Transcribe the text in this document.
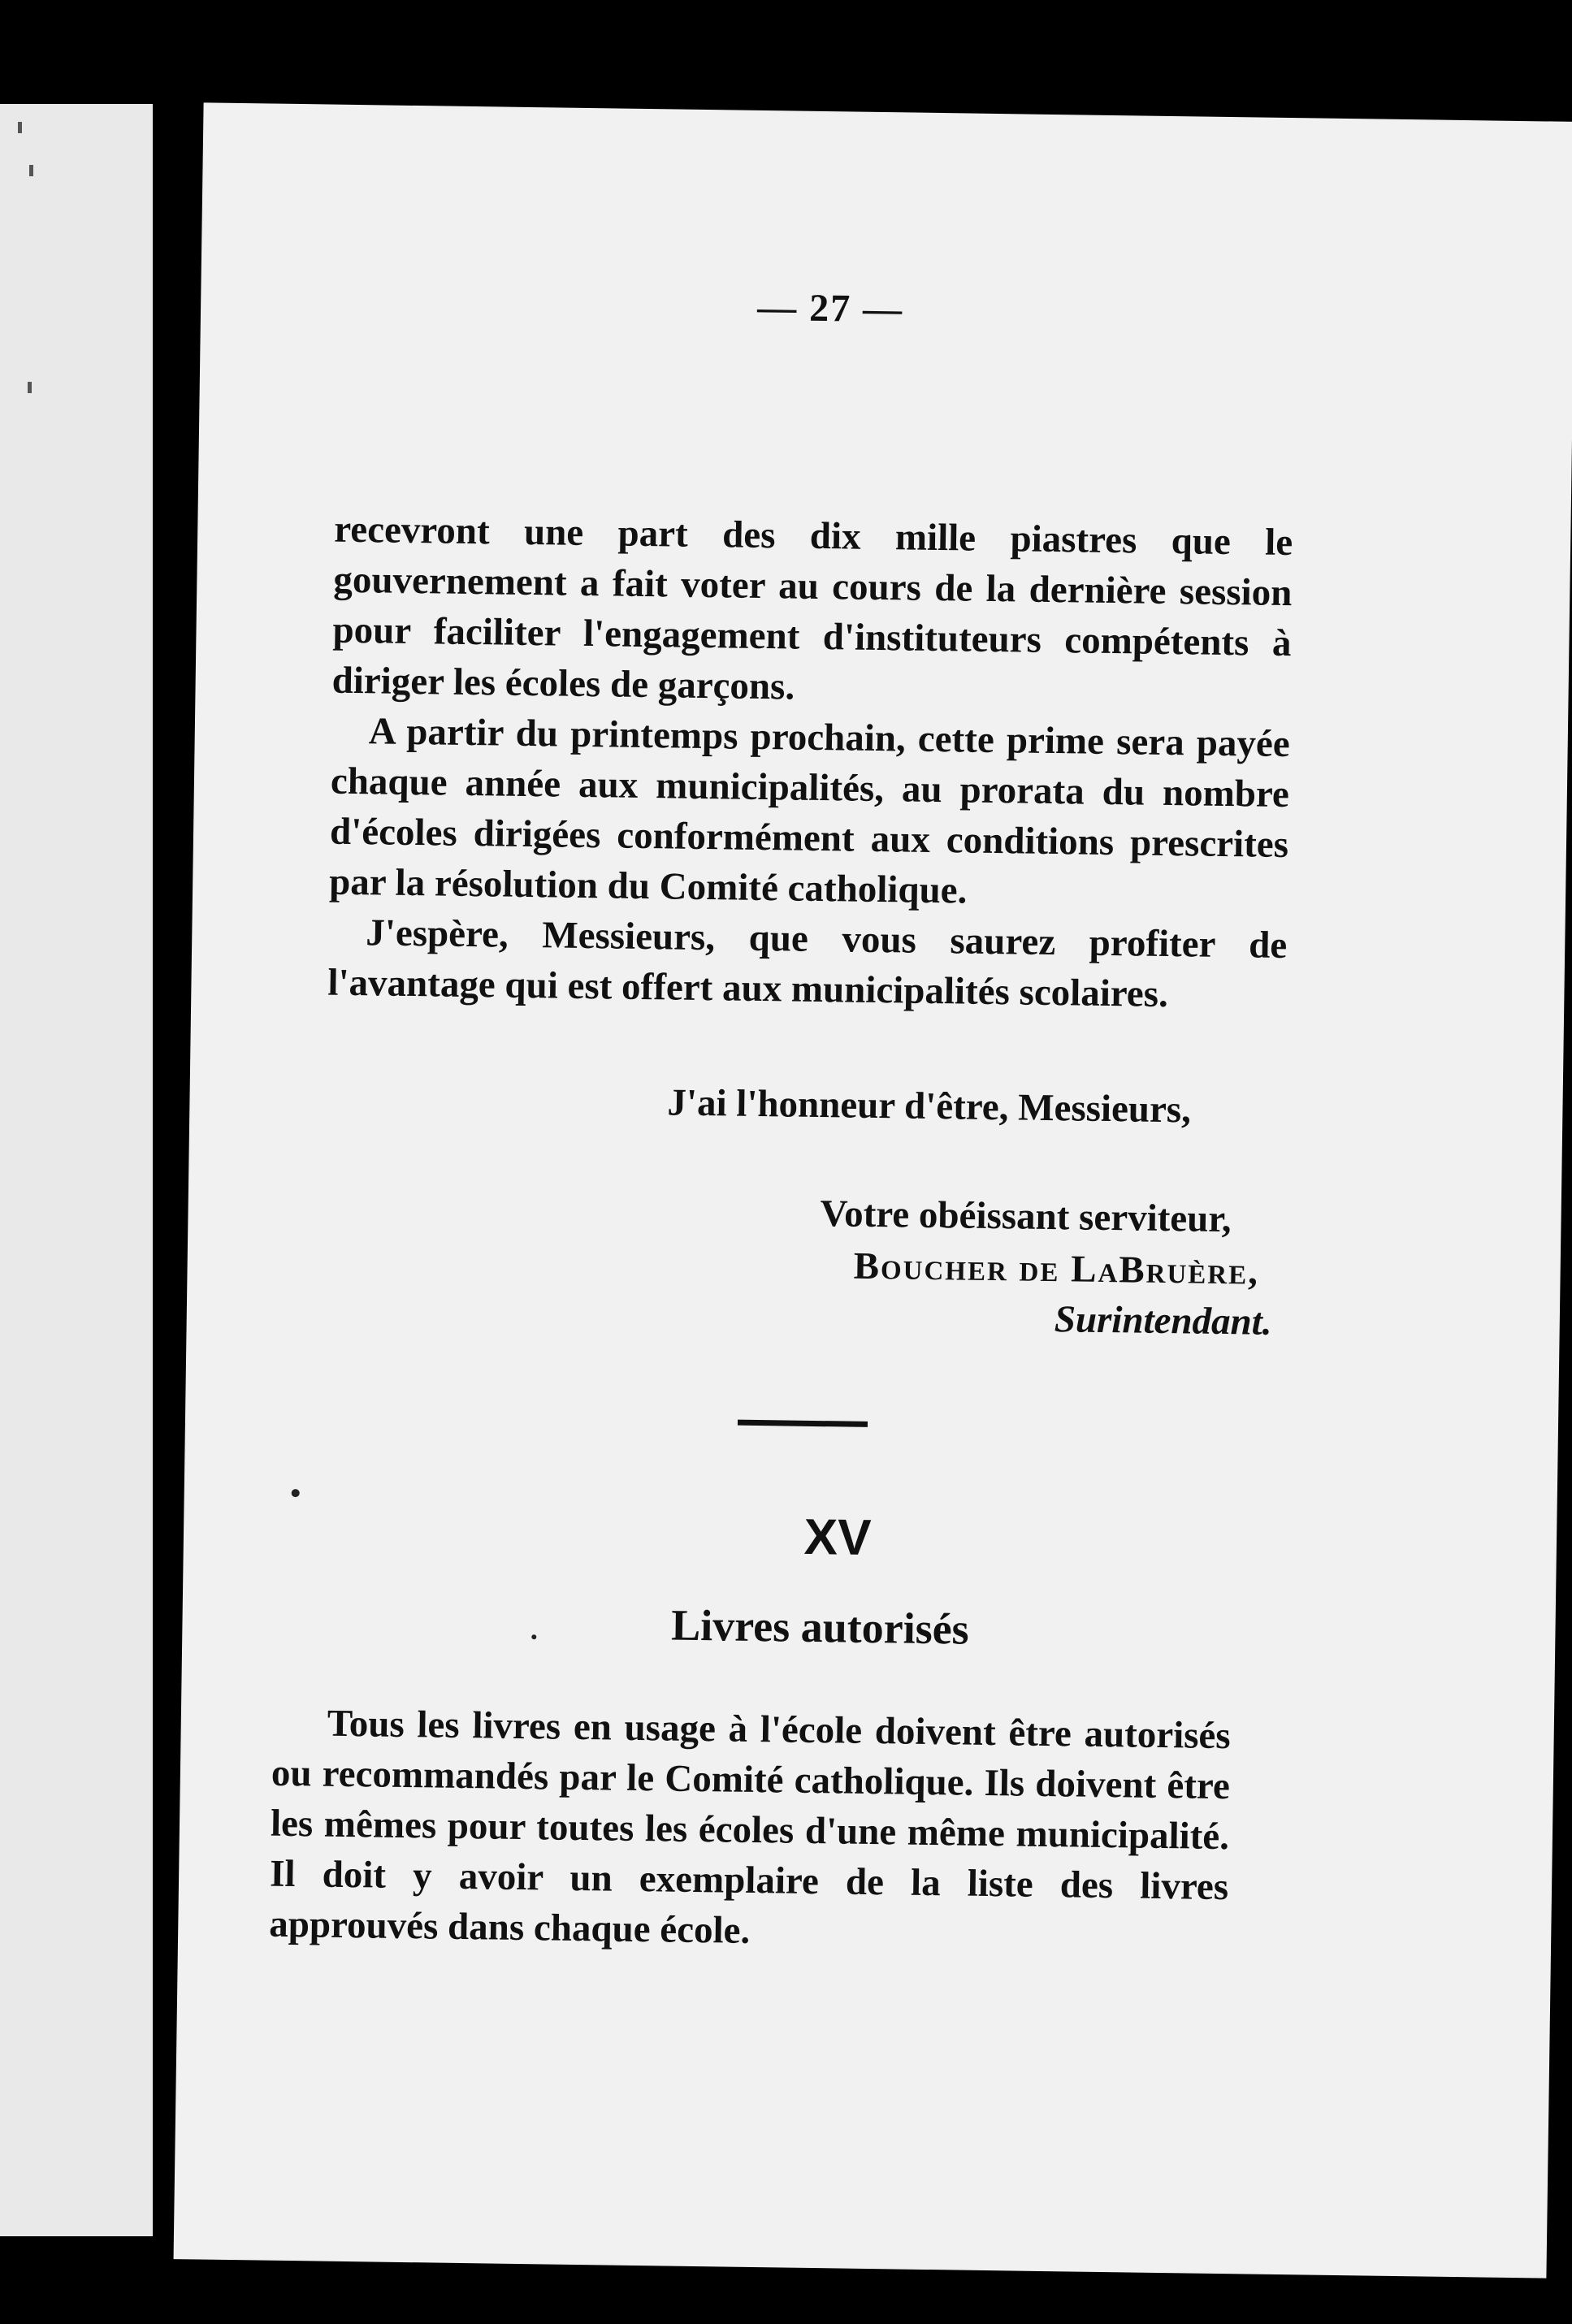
— 27 —

recevront une part des dix mille piastres que le gouvernement a fait voter au cours de la dernière session pour faciliter l'engagement d'instituteurs compétents à diriger les écoles de garçons.

A partir du printemps prochain, cette prime sera payée chaque année aux municipalités, au prorata du nombre d'écoles dirigées conformément aux conditions prescrites par la résolution du Comité catholique.

J'espère, Messieurs, que vous saurez profiter de l'avantage qui est offert aux municipalités scolaires.

J'ai l'honneur d'être, Messieurs,
Votre obéissant serviteur,
Boucher de LaBruère,
Surintendant.
XV
Livres autorisés

Tous les livres en usage à l'école doivent être autorisés ou recommandés par le Comité catholique. Ils doivent être les mêmes pour toutes les écoles d'une même municipalité. Il doit y avoir un exemplaire de la liste des livres approuvés dans chaque école.
